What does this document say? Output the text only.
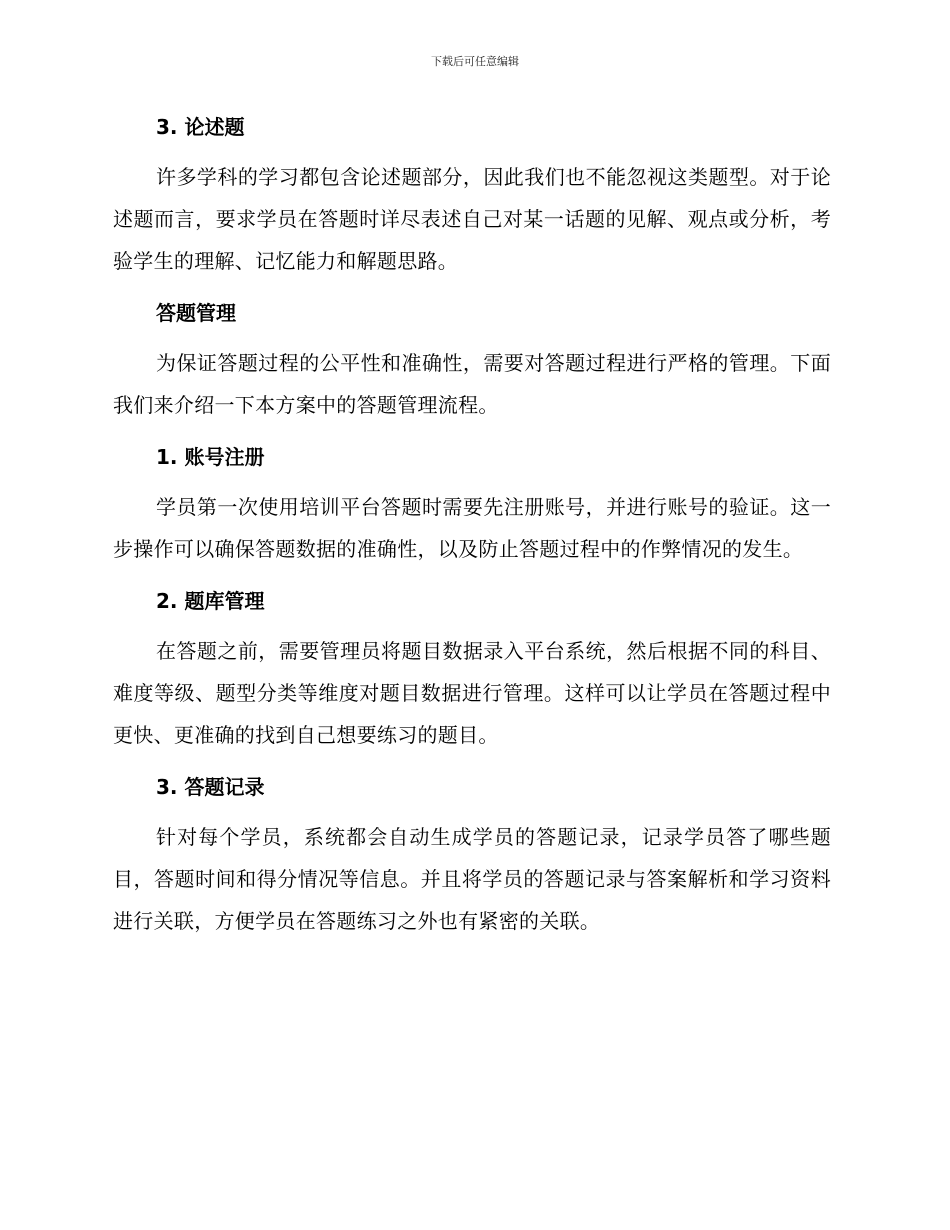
下载后可任意编辑
3. 论述题

许多学科的学习都包含论述题部分，因此我们也不能忽视这类题型。对于论述题而言，要求学员在答题时详尽表述自己对某一话题的见解、观点或分析，考验学生的理解、记忆能力和解题思路。

答题管理

为保证答题过程的公平性和准确性，需要对答题过程进行严格的管理。下面我们来介绍一下本方案中的答题管理流程。

1. 账号注册

学员第一次使用培训平台答题时需要先注册账号，并进行账号的验证。这一步操作可以确保答题数据的准确性，以及防止答题过程中的作弊情况的发生。

2. 题库管理

在答题之前，需要管理员将题目数据录入平台系统，然后根据不同的科目、难度等级、题型分类等维度对题目数据进行管理。这样可以让学员在答题过程中更快、更准确的找到自己想要练习的题目。

3. 答题记录

针对每个学员，系统都会自动生成学员的答题记录，记录学员答了哪些题目，答题时间和得分情况等信息。并且将学员的答题记录与答案解析和学习资料进行关联，方便学员在答题练习之外也有紧密的关联。
